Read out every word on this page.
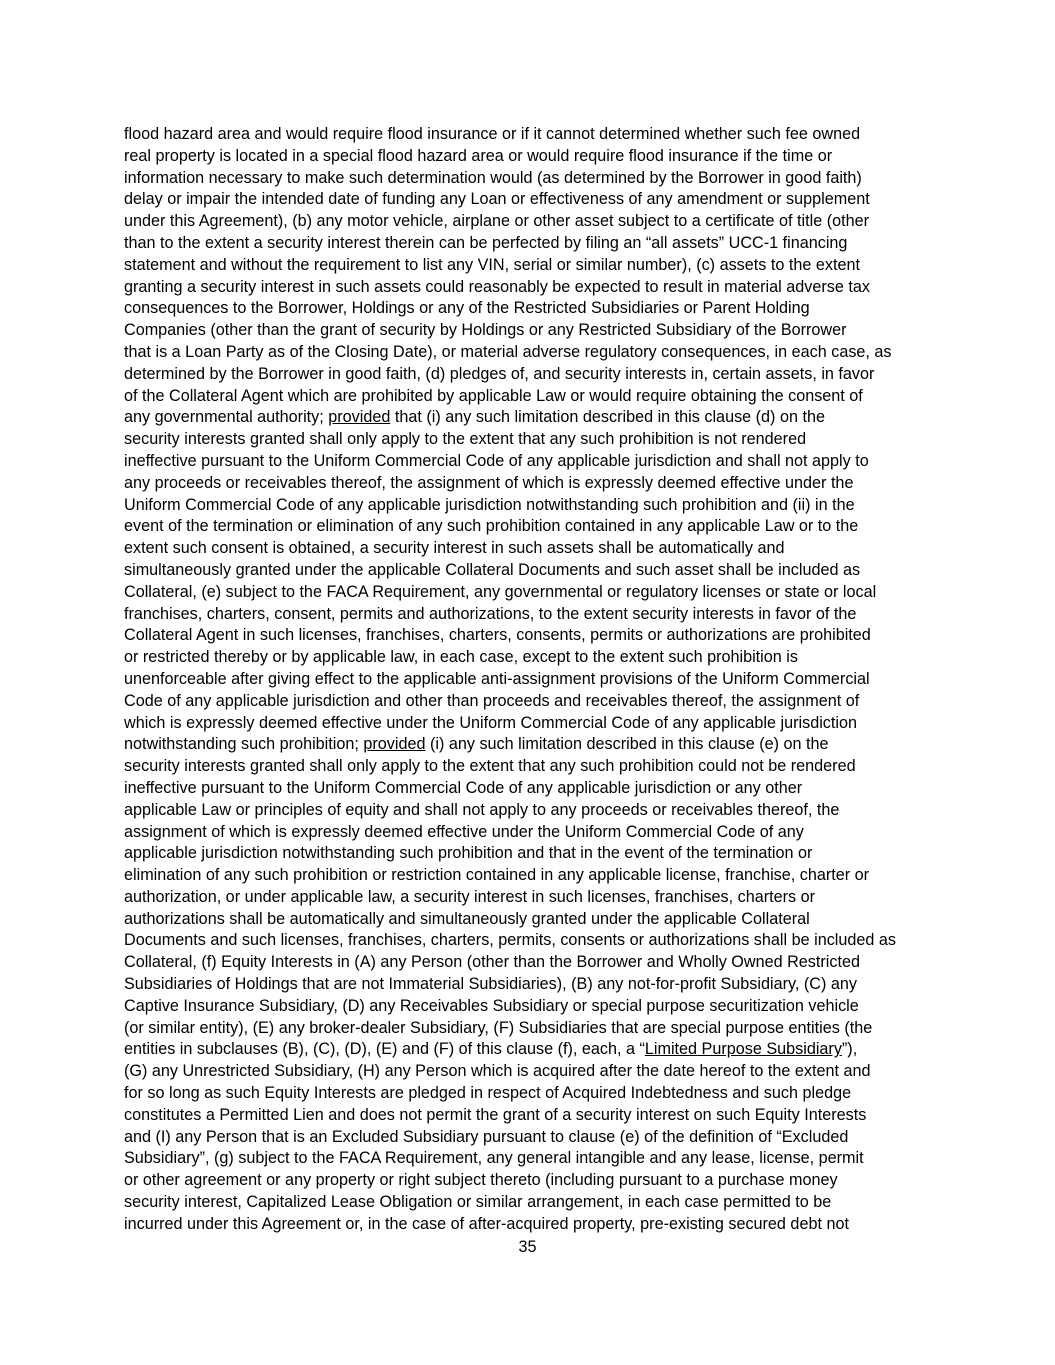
flood hazard area and would require flood insurance or if it cannot determined whether such fee owned
real property is located in a special flood hazard area or would require flood insurance if the time or
information necessary to make such determination would (as determined by the Borrower in good faith)
delay or impair the intended date of funding any Loan or effectiveness of any amendment or supplement
under this Agreement), (b) any motor vehicle, airplane or other asset subject to a certificate of title (other
than to the extent a security interest therein can be perfected by filing an “all assets” UCC-1 financing
statement and without the requirement to list any VIN, serial or similar number), (c) assets to the extent
granting a security interest in such assets could reasonably be expected to result in material adverse tax
consequences to the Borrower, Holdings or any of the Restricted Subsidiaries or Parent Holding
Companies (other than the grant of security by Holdings or any Restricted Subsidiary of the Borrower
that is a Loan Party as of the Closing Date), or material adverse regulatory consequences, in each case, as
determined by the Borrower in good faith, (d) pledges of, and security interests in, certain assets, in favor
of the Collateral Agent which are prohibited by applicable Law or would require obtaining the consent of
any governmental authority; provided that (i) any such limitation described in this clause (d) on the
security interests granted shall only apply to the extent that any such prohibition is not rendered
ineffective pursuant to the Uniform Commercial Code of any applicable jurisdiction and shall not apply to
any proceeds or receivables thereof, the assignment of which is expressly deemed effective under the
Uniform Commercial Code of any applicable jurisdiction notwithstanding such prohibition and (ii) in the
event of the termination or elimination of any such prohibition contained in any applicable Law or to the
extent such consent is obtained, a security interest in such assets shall be automatically and
simultaneously granted under the applicable Collateral Documents and such asset shall be included as
Collateral, (e) subject to the FACA Requirement, any governmental or regulatory licenses or state or local
franchises, charters, consent, permits and authorizations, to the extent security interests in favor of the
Collateral Agent in such licenses, franchises, charters, consents, permits or authorizations are prohibited
or restricted thereby or by applicable law, in each case, except to the extent such prohibition is
unenforceable after giving effect to the applicable anti-assignment provisions of the Uniform Commercial
Code of any applicable jurisdiction and other than proceeds and receivables thereof, the assignment of
which is expressly deemed effective under the Uniform Commercial Code of any applicable jurisdiction
notwithstanding such prohibition; provided (i) any such limitation described in this clause (e) on the
security interests granted shall only apply to the extent that any such prohibition could not be rendered
ineffective pursuant to the Uniform Commercial Code of any applicable jurisdiction or any other
applicable Law or principles of equity and shall not apply to any proceeds or receivables thereof, the
assignment of which is expressly deemed effective under the Uniform Commercial Code of any
applicable jurisdiction notwithstanding such prohibition and that in the event of the termination or
elimination of any such prohibition or restriction contained in any applicable license, franchise, charter or
authorization, or under applicable law, a security interest in such licenses, franchises, charters or
authorizations shall be automatically and simultaneously granted under the applicable Collateral
Documents and such licenses, franchises, charters, permits, consents or authorizations shall be included as
Collateral, (f) Equity Interests in (A) any Person (other than the Borrower and Wholly Owned Restricted
Subsidiaries of Holdings that are not Immaterial Subsidiaries), (B) any not-for-profit Subsidiary, (C) any
Captive Insurance Subsidiary, (D) any Receivables Subsidiary or special purpose securitization vehicle
(or similar entity), (E) any broker-dealer Subsidiary, (F) Subsidiaries that are special purpose entities (the
entities in subclauses (B), (C), (D), (E) and (F) of this clause (f), each, a “Limited Purpose Subsidiary”),
(G) any Unrestricted Subsidiary, (H) any Person which is acquired after the date hereof to the extent and
for so long as such Equity Interests are pledged in respect of Acquired Indebtedness and such pledge
constitutes a Permitted Lien and does not permit the grant of a security interest on such Equity Interests
and (I) any Person that is an Excluded Subsidiary pursuant to clause (e) of the definition of “Excluded
Subsidiary”, (g) subject to the FACA Requirement, any general intangible and any lease, license, permit
or other agreement or any property or right subject thereto (including pursuant to a purchase money
security interest, Capitalized Lease Obligation or similar arrangement, in each case permitted to be
incurred under this Agreement or, in the case of after-acquired property, pre-existing secured debt not
35
